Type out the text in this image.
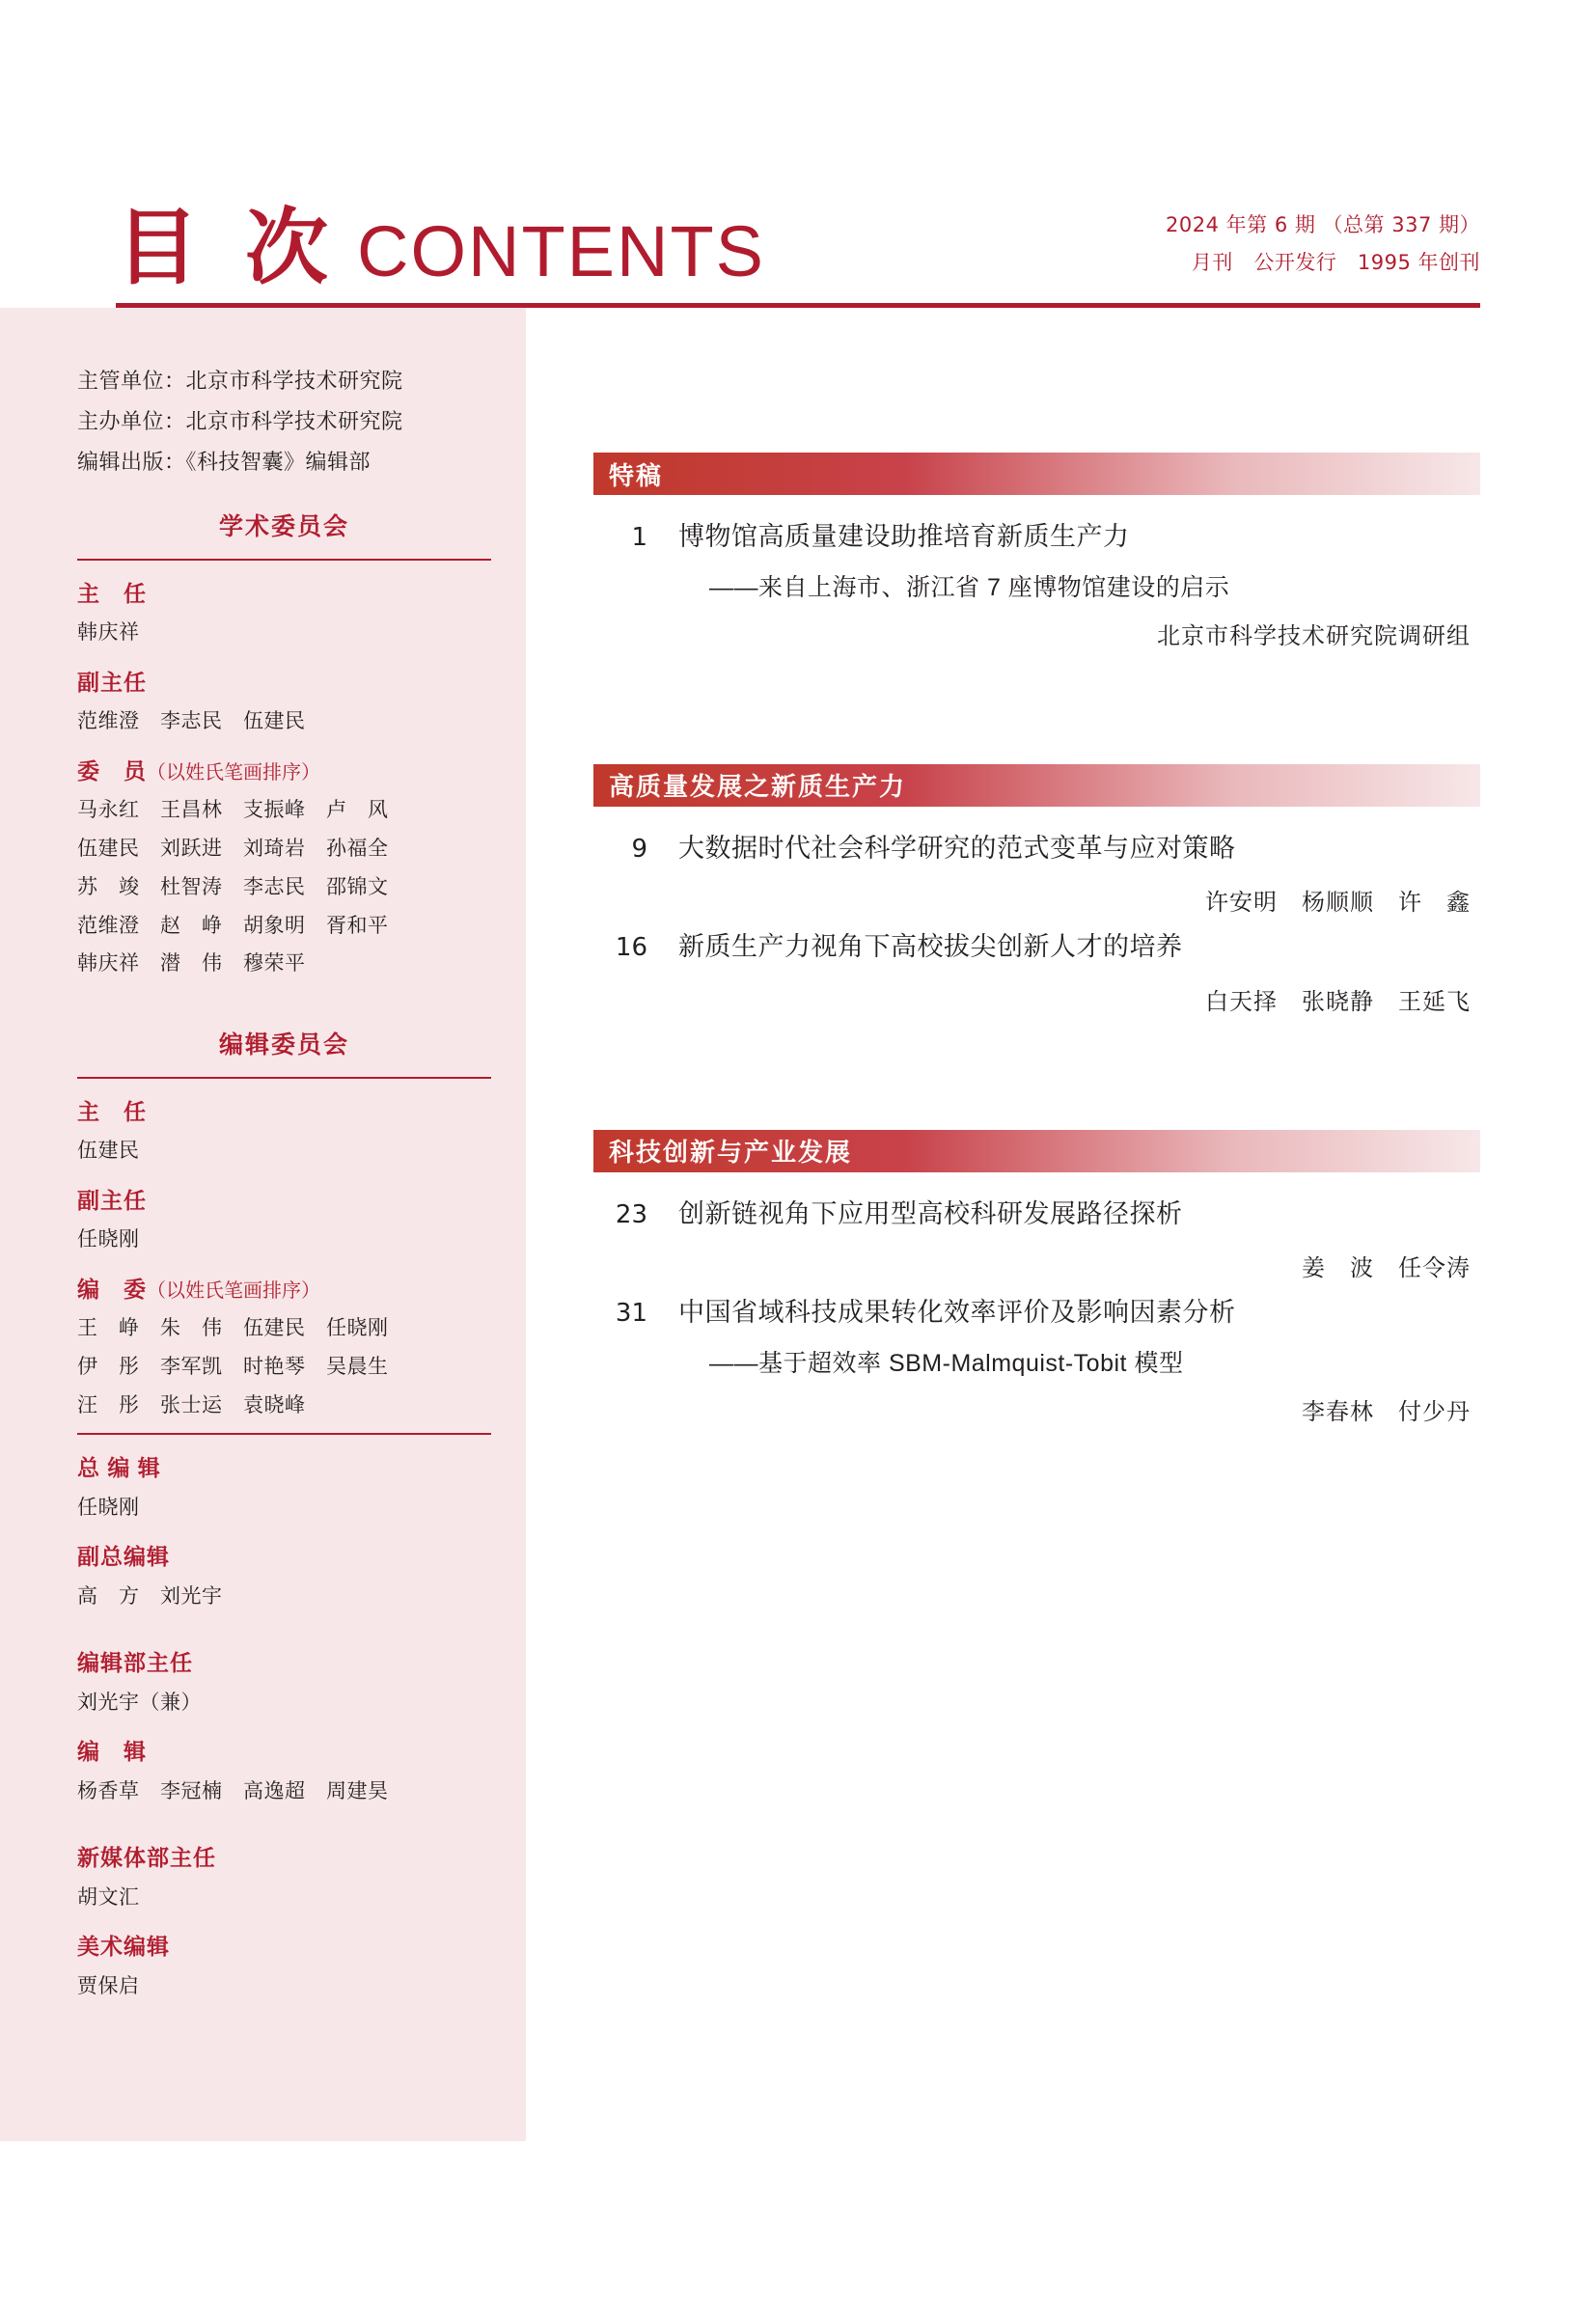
目 次 CONTENTS	2024 年第 6 期 （总第 337 期）
月刊　公开发行　1995 年创刊
主管单位：北京市科学技术研究院
主办单位：北京市科学技术研究院
编辑出版：《科技智囊》编辑部
学术委员会
主　任
韩庆祥
副主任
范维澄　李志民　伍建民
委　员（以姓氏笔画排序）
马永红　王昌林　支振峰　卢　风
伍建民　刘跃进　刘琦岩　孙福全
苏　竣　杜智涛　李志民　邵锦文
范维澄　赵　峥　胡象明　胥和平
韩庆祥　潜　伟　穆荣平
编辑委员会
主　任
伍建民
副主任
任晓刚
编　委（以姓氏笔画排序）
王　峥　朱　伟　伍建民　任晓刚
伊　彤　李军凯　时艳琴　吴晨生
汪　彤　张士运　袁晓峰
总 编 辑
任晓刚
副总编辑
高　方　刘光宇
编辑部主任
刘光宇（兼）
编　辑
杨香草　李冠楠　高逸超　周建昊
新媒体部主任
胡文汇
美术编辑
贾保启
特稿
1 博物馆高质量建设助推培育新质生产力
——来自上海市、浙江省 7 座博物馆建设的启示
北京市科学技术研究院调研组
高质量发展之新质生产力
9 大数据时代社会科学研究的范式变革与应对策略
许安明　杨顺顺　许　鑫
16 新质生产力视角下高校拔尖创新人才的培养
白天择　张晓静　王延飞
科技创新与产业发展
23 创新链视角下应用型高校科研发展路径探析
姜　波　任令涛
31 中国省域科技成果转化效率评价及影响因素分析
——基于超效率 SBM-Malmquist-Tobit 模型
李春林　付少丹
